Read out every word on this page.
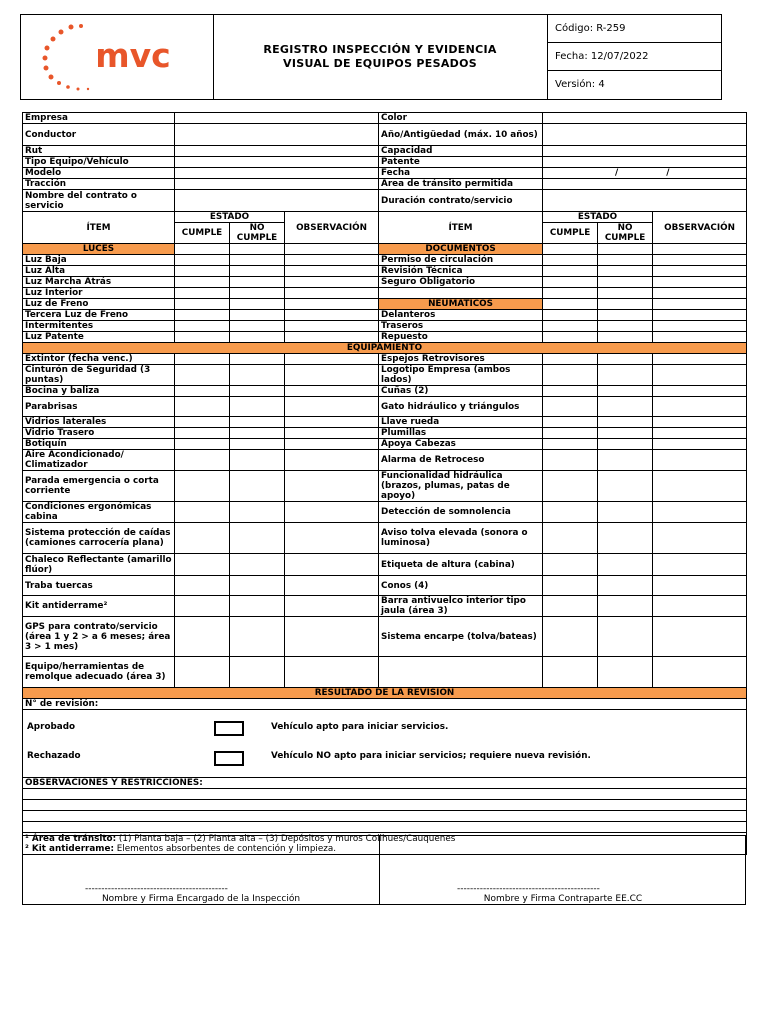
mvc	REGISTRO INSPECCIÓN Y EVIDENCIA VISUAL DE EQUIPOS PESADOS
Código: R-259
Fecha: 12/07/2022
Versión: 4
Empresa				Color			
Conductor				Año/Antigüedad (máx. 10 años)			
Rut				Capacidad			
Tipo Equipo/Vehículo				Patente			
Modelo				Fecha	/ /		
Tracción				Área de tránsito permitida			
Nombre del contrato o servicio				Duración contrato/servicio			
ÍTEM	ESTADO		OBSERVACIÓN	ÍTEM	ESTADO		OBSERVACIÓN
	CUMPLE	NO CUMPLE			CUMPLE	NO CUMPLE	
LUCES				DOCUMENTOS			
Luz Baja				Permiso de circulación			
Luz Alta				Revisión Técnica			
Luz Marcha Atrás				Seguro Obligatorio			
Luz Interior							
Luz de Freno				NEUMÁTICOS			
Tercera Luz de Freno				Delanteros			
Intermitentes				Traseros			
Luz Patente				Repuesto			
EQUIPAMIENTO							
Extintor (fecha venc.)				Espejos Retrovisores			
Cinturón de Seguridad (3 puntas)				Logotipo Empresa (ambos lados)			
Bocina y baliza				Cuñas (2)			
Parabrisas				Gato hidráulico y triángulos			
Vidrios laterales				Llave rueda			
Vidrio Trasero				Plumillas			
Botiquín				Apoya Cabezas			
Aire Acondicionado/ Climatizador				Alarma de Retroceso			
Parada emergencia o corta corriente				Funcionalidad hidráulica (brazos, plumas, patas de apoyo)			
Condiciones ergonómicas cabina				Detección de somnolencia			
Sistema protección de caídas (camiones carrocería plana)				Aviso tolva elevada (sonora o luminosa)			
Chaleco Reflectante (amarillo flúor)				Etiqueta de altura (cabina)			
Traba tuercas				Conos (4)			
Kit antiderrame²				Barra antivuelco interior tipo jaula (área 3)			
GPS para contrato/servicio (área 1 y 2 > a 6 meses; área 3 > 1 mes)				Sistema encarpe (tolva/bateas)			
Equipo/herramientas de remolque adecuado (área 3)							
RESULTADO DE LA REVISIÓN							
N° de revisión:							

Aprobado Vehículo apto para iniciar servicios.
Rechazado Vehículo NO apto para iniciar servicios; requiere nueva revisión.							

OBSERVACIONES Y RESTRICCIONES:							

¹ Área de tránsito: (1) Planta baja – (2) Planta alta – (3) Depósitos y muros Colihues/Cauquenes
² Kit antiderrame: Elementos absorbentes de contención y limpieza.							
--------------------------------------------
Nombre y Firma Encargado de la Inspección
--------------------------------------------
Nombre y Firma Contraparte EE.CC
